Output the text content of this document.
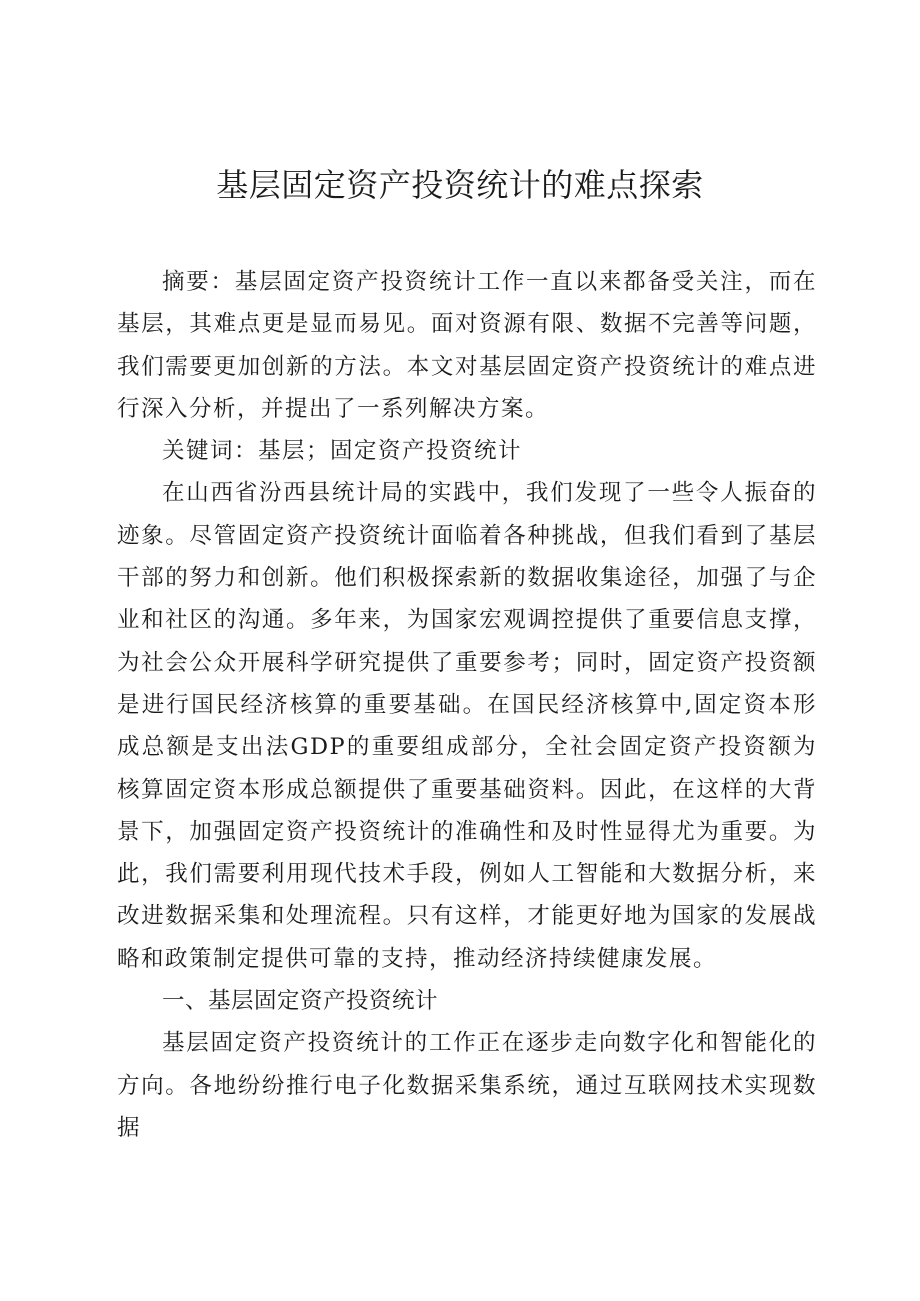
基层固定资产投资统计的难点探索

摘要：基层固定资产投资统计工作一直以来都备受关注，而在基层，其难点更是显而易见。面对资源有限、数据不完善等问题，我们需要更加创新的方法。本文对基层固定资产投资统计的难点进行深入分析，并提出了一系列解决方案。

关键词：基层；固定资产投资统计

在山西省汾西县统计局的实践中，我们发现了一些令人振奋的迹象。尽管固定资产投资统计面临着各种挑战，但我们看到了基层干部的努力和创新。他们积极探索新的数据收集途径，加强了与企业和社区的沟通。多年来，为国家宏观调控提供了重要信息支撑，为社会公众开展科学研究提供了重要参考；同时，固定资产投资额是进行国民经济核算的重要基础。在国民经济核算中,固定资本形成总额是支出法GDP的重要组成部分，全社会固定资产投资额为核算固定资本形成总额提供了重要基础资料。因此，在这样的大背景下，加强固定资产投资统计的准确性和及时性显得尤为重要。为此，我们需要利用现代技术手段，例如人工智能和大数据分析，来改进数据采集和处理流程。只有这样，才能更好地为国家的发展战略和政策制定提供可靠的支持，推动经济持续健康发展。

一、基层固定资产投资统计

基层固定资产投资统计的工作正在逐步走向数字化和智能化的方向。各地纷纷推行电子化数据采集系统，通过互联网技术实现数据
